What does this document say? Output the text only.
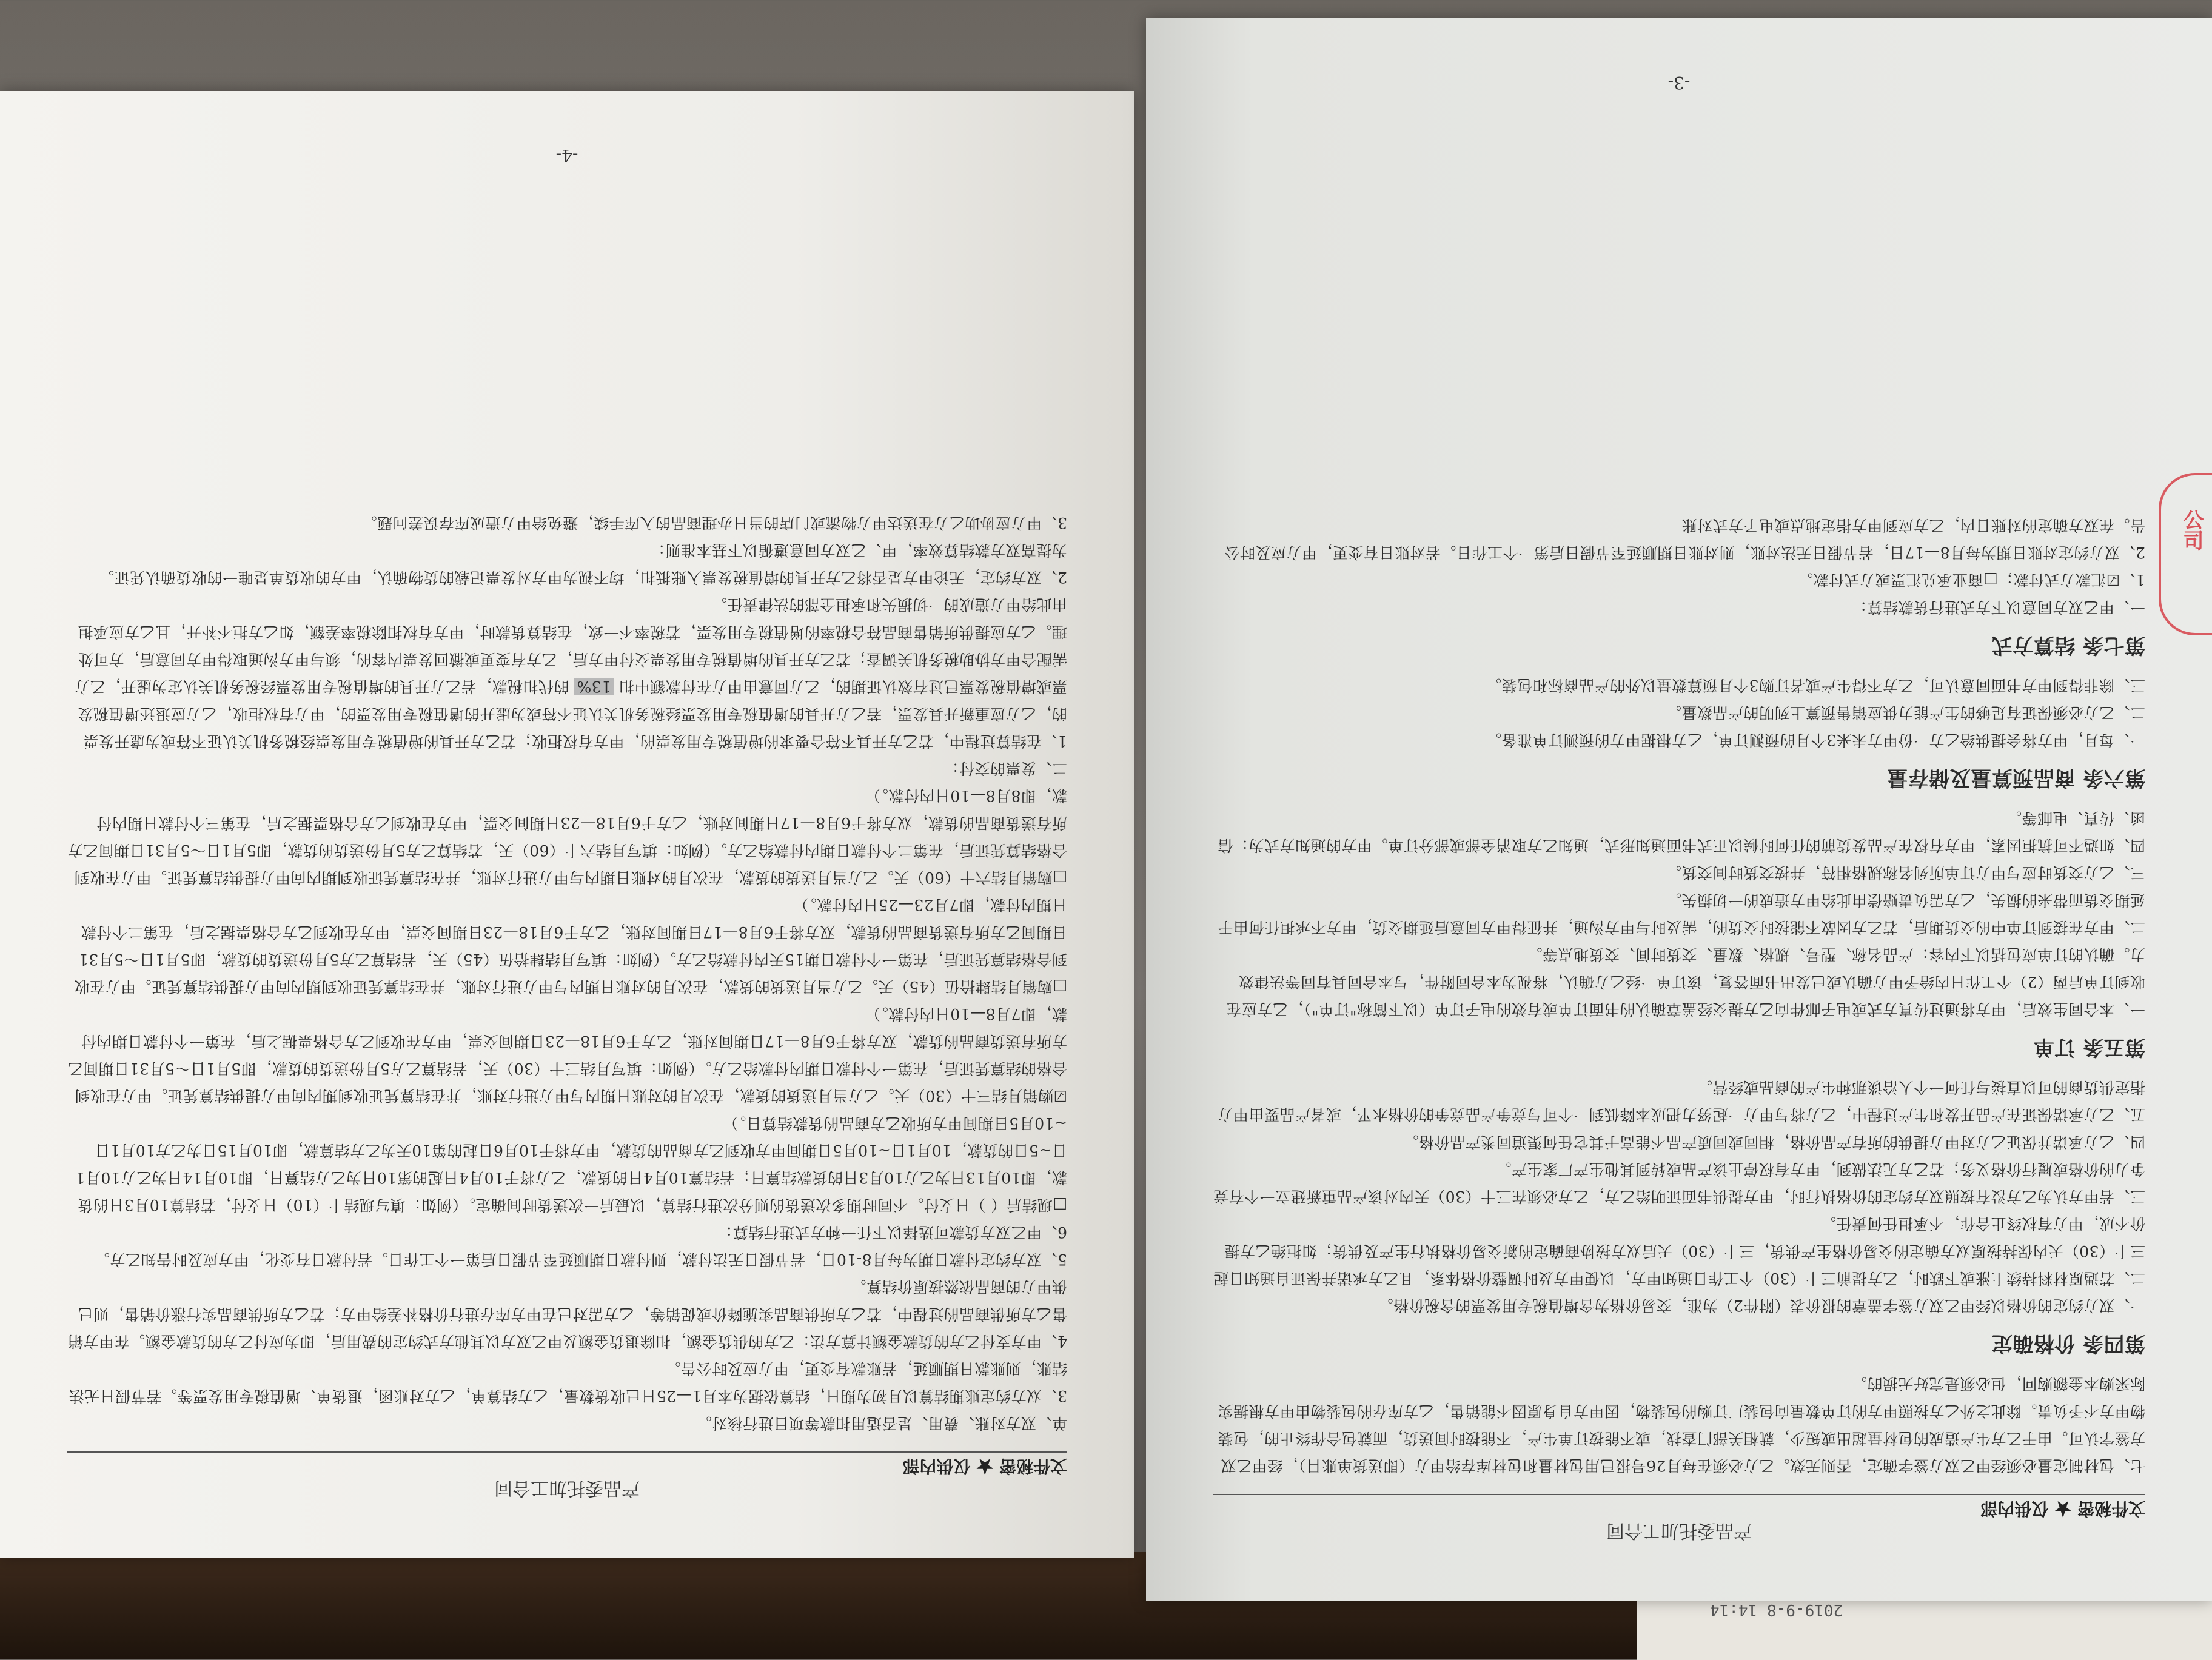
2019-9-8 14:14
产品委托加工合同
文件秘密 ★ 仅供内部

单、双方对账、费用、是否适用扣款等项目进行核对。

3、双方约定账期结算以月初为期日，结算依据为本月1—25日已收货数量，乙方结算单，乙方对账函，退货单、增值税专用发票等。若节假日无法结账，则账款日期顺延，若账款有变更，甲方应及时公告。

4、甲方支付乙方的货款金额计算方法：乙方的供货金额，扣除退货金额及甲乙双方以其他方式约定的费用后，即为应付乙方的货款金额。在甲方销售乙方所供商品的过程中，若乙方所供商品实施降价或促销等，乙方需对已在甲方库存进行价格补差给甲方；若乙方所供商品实行涨价销售，则已供甲方的商品依然按原价结算。

5、双方约定付款日期为每月8-10日，若节假日无法付款，则付款日期顺延至节假日后第一个工作日。若付款日有变化，甲方应及时告知乙方。

6、甲乙双方货款可选择以下任一种方式进行结算：

□现结后（ ）日支付。不同时期多次送货的则分次进行结算，以最后一次送货时间确定。（例如：填写现结十（10）日支付，若结算10月3日的货款，即10月13日为乙方10月3日的货款结算日；若结算10月4日的货款，乙方将于10月4日起的第10日为乙方结算日，即10月14日为乙方10月1日~5日的货款，10月1日~10月5日期间甲方收到乙方商品的货款，甲方将于10月6日起的第10天为乙方结算款，即10月15日为乙方10月1日~10月5日期间甲方所收乙方商品的货款结算日。）

☑购销月结三十（30）天。乙方当月送货的货款，在次月的对账日期内与甲方进行对账，并在结算凭证收到期内向甲方提供结算凭证。甲方在收到合格的结算凭证后，在第一个付款日期内付款给乙方。（例如：填写月结三十（30）天，若结算乙方5月份送货的货款，即5月1日～5月31日期间乙方所有送货商品的货款，双方将于6月8—17日期间对账，乙方于6月18—23日期间交票，甲方在收到乙方合格票据之后，在第一个付款日期内付款，即7月8—10日内付款。）

□购销月结肆拾伍（45）天。乙方当月送货的货款，在次月的对账日期内与甲方进行对账，并在结算凭证收到期内向甲方提供结算凭证。甲方在收到合格结算凭证后，在第一个付款日期15天内付款给乙方。（例如：填写月结肆拾伍（45）天，若结算乙方5月份送货的货款，即5月1日～5月31日期间乙方所有送货商品的货款，双方将于6月8—17日期间对账，乙方于6月18—23日期间交票，甲方在收到乙方合格票据之后，在第二个付款日期内付款，即7月23—25日内付款。）

□购销月结六十（60）天。乙方当月送货的货款，在次月的对账日期内与甲方进行对账，并在结算凭证收到期内向甲方提供结算凭证。甲方在收到合格结算凭证后，在第二个付款日期内付款给乙方。（例如：填写月结六十（60）天，若结算乙方5月份送货的货款，即5月1日～5月31日期间乙方所有送货商品的货款，双方将于6月8—17日期间对账，乙方于6月18—23日期间交票，甲方在收到乙方合格票据之后，在第三个付款日期内付款，即8月8—10日内付款。）

二、发票的交付：

1、在结算过程中，若乙方开具不符合要求的增值税专用发票的，甲方有权拒收；若乙方开具的增值税专用发票经税务机关认证不符或为虚开发票的，乙方应重新开具发票，若乙方开具的增值税专用发票经税务机关认证不符或为虚开的增值税专用发票的，甲方有权拒收，乙方应退还增值税发票或增值税发票已过有效认证期的，乙方同意由甲方在付款额中扣 13% 的代扣税款，若乙方开具的增值税专用发票经税务机关认定为虚开，乙方需配合甲方协助税务机关调查；若乙方开具的增值税专用发票交付甲方后，乙方有变更或撤回发票内容的，须与甲方沟通取得甲方同意后，方可处理。乙方应提供所销售商品符合税率的增值税专用发票，若税率不一致，在结算货款时，甲方有权扣除税率差额，如乙方拒不补开，且乙方应承担由此给甲方造成的一切损失和承担全部的法律责任。

2、双方约定，无论甲方是否将乙方开具的增值税发票入账抵扣，均不视为甲方对发票记载的货物确认，甲方的收货单是唯一的收货确认凭证。

为提高双方款结算效率，甲、乙双方同意遵循以下基本准则：

3、甲方应协助乙方在送达甲方物流或门店的当日办理商品的入库手续，避免给甲方造成库存误差问题。

-4-
产品委托加工合同
文件秘密 ★ 仅供内部

七、包材制定量必须经甲乙双方签字确定，否则无效。乙方必须在每月26号报已用包材量和包材库存给甲方（即送货单账目），经甲乙双方签字认可。由于乙方生产造成的包材量超出或短少，就相关部门查找，或不能按订单生产，不能按时间送货，而就包合作终止的，包装物甲方不予负责。除此之外乙方按照甲方的订单数量向包装厂订购的包装物，因甲方自身原因不能销售，乙方库存的包装物由甲方根据实际采购本金额购回，但必须是完好无损的。

第四条 价格确定

一、双方约定的价格以经甲乙双方签字盖章的报价表（附件2）为准，交易价格为含增值税专用发票的含税价格。

二、若遇原材料持续上涨或下跌时，乙方提前三十（30）个工作日通知甲方，以便甲方及时调整价格体系，且乙方承诺并保证自通知日起三十（30）天内保持按原双方确定的交易价格生产供货，三十（30）天后双方按协商确定的新交易价格执行生产及供货；如拒绝乙方提价不成，甲方有权终止合作，不承担任何责任。

三、若甲方认为乙方没有按照双方约定的价格执行时，甲方提供书面证明给乙方，乙方必须在三十（30）天内对该产品重新建立一个有竞争力的价格或履行价格义务；若乙方无法做到，甲方有权停止该产品或转到其他生产厂家生产。

四、乙方承诺并保证乙方对甲方提供的所有产品价格，相同或同质产品不能高于其它任何渠道同类产品价格。

五、乙方承诺保证在产品开发和生产过程中，乙方将与甲方一起努力把成本降低到一个可与竞争产品竞争的价格水平，或者产品要由甲方指定供货商的可以直接与任何一个人洽谈那种生产的商品或经营。

第五条 订单

一、本合同生效后，甲方将通过传真方式或电子邮件向乙方提交经盖章确认的书面订单或有效的电子订单（以下简称"订单"），乙方应在收到订单后两（2）个工作日内给予甲方确认或已发出书面答复，该订单一经乙方确认，将视为本合同附件，与本合同具有同等法律效力。确认的订单应包括以下内容：产品名称、型号、规格、数量、交货时间、交货地点等。

二、甲方在接到订单中的交货期后，若乙方因故不能按时交货的，需及时与甲方沟通，并征得甲方同意后延期交货，甲方不承担任何由于延期交货而带来的损失，乙方需负责赔偿由此给甲方造成的一切损失。

三、乙方交货时应与甲方订单所列名称规格相符，并按交货时间交货。

四、如遇不可抗拒因素，甲方有权在产品发货前的任何时候以正式书面通知形式，通知乙方取消全部或部分订单。甲方的通知方式为：信函、传真、电邮等。

第六条 商品预算量及储存量

一、每月，甲方将会提供给乙方一份甲方未来3个月的预测订单，乙方根据甲方的预测订单准备。

二、乙方必须保证有足够的生产能力供应销售预算上列明的产品数量。

三、除非得到甲方书面同意认可，乙方不得生产或者订购3个月预算数量以外的产品商标和包装。

第七条 结算方式

一、甲乙双方同意以下方式进行货款结算：

1、☑汇款方式付款；□商业承兑汇票或方式付款。

2、双方约定对账日期为每月8—17日，若节假日无法对账，则对账日期顺延至节假日后第一个工作日。若对账日有变更，甲方应及时公告。在双方确定的对账日内，乙方应到甲方指定地点或电子方式对账

-3-
公司
